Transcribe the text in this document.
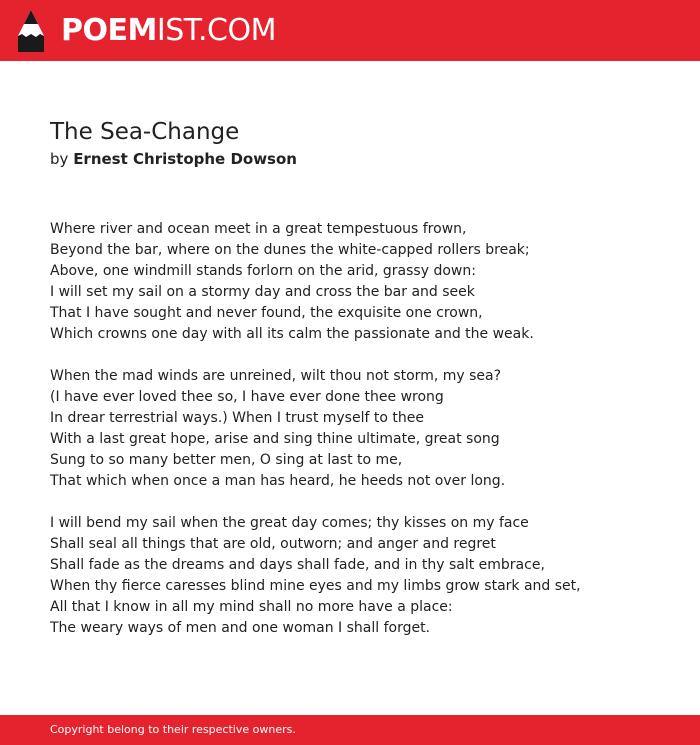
POEMIST.COM
The Sea-Change
by Ernest Christophe Dowson
Where river and ocean meet in a great tempestuous frown,
Beyond the bar, where on the dunes the white-capped rollers break;
Above, one windmill stands forlorn on the arid, grassy down:
I will set my sail on a stormy day and cross the bar and seek
That I have sought and never found, the exquisite one crown,
Which crowns one day with all its calm the passionate and the weak.
When the mad winds are unreined, wilt thou not storm, my sea?
(I have ever loved thee so, I have ever done thee wrong
In drear terrestrial ways.) When I trust myself to thee
With a last great hope, arise and sing thine ultimate, great song
Sung to so many better men, O sing at last to me,
That which when once a man has heard, he heeds not over long.
I will bend my sail when the great day comes; thy kisses on my face
Shall seal all things that are old, outworn; and anger and regret
Shall fade as the dreams and days shall fade, and in thy salt embrace,
When thy fierce caresses blind mine eyes and my limbs grow stark and set,
All that I know in all my mind shall no more have a place:
The weary ways of men and one woman I shall forget.
Copyright belong to their respective owners.
